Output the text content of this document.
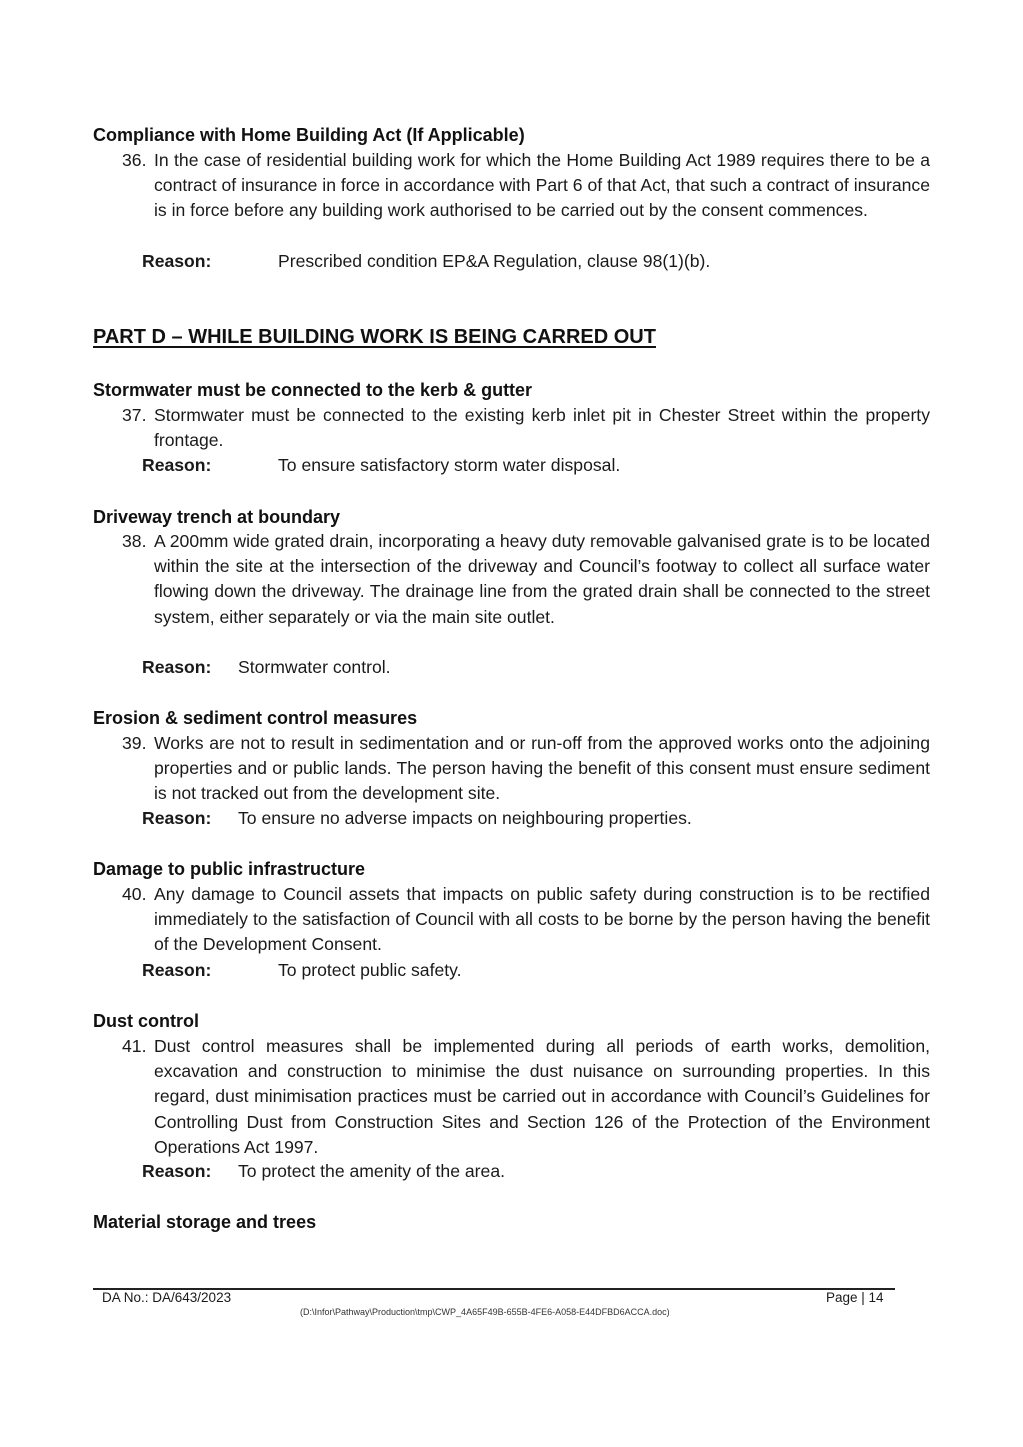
Compliance with Home Building Act (If Applicable)
36. In the case of residential building work for which the Home Building Act 1989 requires there to be a contract of insurance in force in accordance with Part 6 of that Act, that such a contract of insurance is in force before any building work authorised to be carried out by the consent commences.
Reason:	Prescribed condition EP&A Regulation, clause 98(1)(b).
PART D – WHILE BUILDING WORK IS BEING CARRED OUT
Stormwater must be connected to the kerb & gutter
37. Stormwater must be connected to the existing kerb inlet pit in Chester Street within the property frontage.
Reason:	To ensure satisfactory storm water disposal.
Driveway trench at boundary
38. A 200mm wide grated drain, incorporating a heavy duty removable galvanised grate is to be located within the site at the intersection of the driveway and Council’s footway to collect all surface water flowing down the driveway. The drainage line from the grated drain shall be connected to the street system, either separately or via the main site outlet.
Reason: Stormwater control.
Erosion & sediment control measures
39. Works are not to result in sedimentation and or run-off from the approved works onto the adjoining properties and or public lands. The person having the benefit of this consent must ensure sediment is not tracked out from the development site.
Reason: To ensure no adverse impacts on neighbouring properties.
Damage to public infrastructure
40. Any damage to Council assets that impacts on public safety during construction is to be rectified immediately to the satisfaction of Council with all costs to be borne by the person having the benefit of the Development Consent.
Reason:	To protect public safety.
Dust control
41. Dust control measures shall be implemented during all periods of earth works, demolition, excavation and construction to minimise the dust nuisance on surrounding properties. In this regard, dust minimisation practices must be carried out in accordance with Council’s Guidelines for Controlling Dust from Construction Sites and Section 126 of the Protection of the Environment Operations Act 1997.
Reason: To protect the amenity of the area.
Material storage and trees
DA No.: DA/643/2023	Page | 14
(D:\Infor\Pathway\Production\tmp\CWP_4A65F49B-655B-4FE6-A058-E44DFBD6ACCA.doc)
